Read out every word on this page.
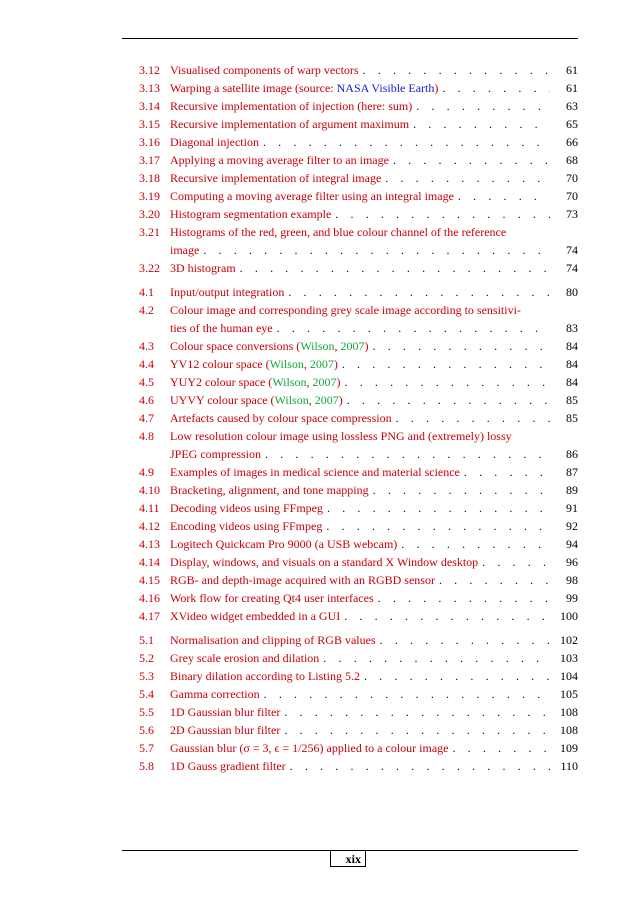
3.12 Visualised components of warp vectors . . .	61
3.13 Warping a satellite image (source: NASA Visible Earth) . . .	61
3.14 Recursive implementation of injection (here: sum) . . .	63
3.15 Recursive implementation of argument maximum . . .	65
3.16 Diagonal injection . . .	66
3.17 Applying a moving average filter to an image . . .	68
3.18 Recursive implementation of integral image . . .	70
3.19 Computing a moving average filter using an integral image . . .	70
3.20 Histogram segmentation example . . .	73
3.21 Histograms of the red, green, and blue colour channel of the reference
image . . .	74
3.22 3D histogram . . .	74
4.1 Input/output integration . . .	80
4.2 Colour image and corresponding grey scale image according to sensitivi-
ties of the human eye . . .	83
4.3 Colour space conversions (Wilson, 2007) . . .	84
4.4 YV12 colour space (Wilson, 2007) . . .	84
4.5 YUY2 colour space (Wilson, 2007) . . .	84
4.6 UYVY colour space (Wilson, 2007) . . .	85
4.7 Artefacts caused by colour space compression . . .	85
4.8 Low resolution colour image using lossless PNG and (extremely) lossy
JPEG compression . . .	86
4.9 Examples of images in medical science and material science . . .	87
4.10 Bracketing, alignment, and tone mapping . . .	89
4.11 Decoding videos using FFmpeg . . .	91
4.12 Encoding videos using FFmpeg . . .	92
4.13 Logitech Quickcam Pro 9000 (a USB webcam) . . .	94
4.14 Display, windows, and visuals on a standard X Window desktop . . .	96
4.15 RGB- and depth-image acquired with an RGBD sensor . . .	98
4.16 Work flow for creating Qt4 user interfaces . . .	99
4.17 XVideo widget embedded in a GUI . . .	100
5.1 Normalisation and clipping of RGB values . . .	102
5.2 Grey scale erosion and dilation . . .	103
5.3 Binary dilation according to Listing 5.2 . . .	104
5.4 Gamma correction . . .	105
5.5 1D Gaussian blur filter . . .	108
5.6 2D Gaussian blur filter . . .	108
5.7 Gaussian blur (σ = 3, ϵ = 1/256) applied to a colour image . . .	109
5.8 1D Gauss gradient filter . . .	110
xix
